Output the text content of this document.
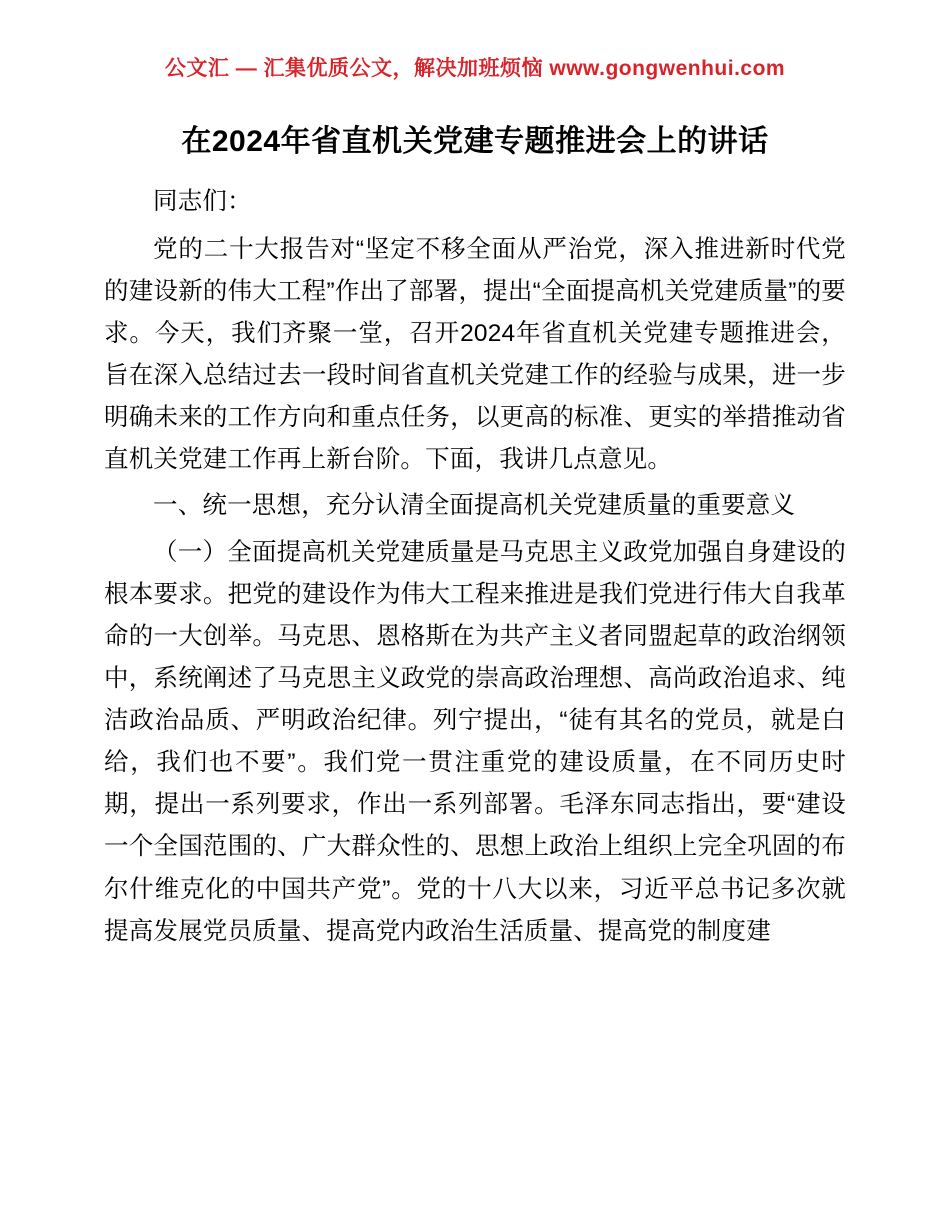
公文汇 — 汇集优质公文，解决加班烦恼 www.gongwenhui.com
在2024年省直机关党建专题推进会上的讲话

同志们：

党的二十大报告对“坚定不移全面从严治党，深入推进新时代党的建设新的伟大工程”作出了部署，提出“全面提高机关党建质量”的要求。今天，我们齐聚一堂，召开2024年省直机关党建专题推进会，旨在深入总结过去一段时间省直机关党建工作的经验与成果，进一步明确未来的工作方向和重点任务，以更高的标准、更实的举措推动省直机关党建工作再上新台阶。下面，我讲几点意见。

一、统一思想，充分认清全面提高机关党建质量的重要意义

（一）全面提高机关党建质量是马克思主义政党加强自身建设的根本要求。把党的建设作为伟大工程来推进是我们党进行伟大自我革命的一大创举。马克思、恩格斯在为共产主义者同盟起草的政治纲领中，系统阐述了马克思主义政党的崇高政治理想、高尚政治追求、纯洁政治品质、严明政治纪律。列宁提出，“徒有其名的党员，就是白给，我们也不要”。我们党一贯注重党的建设质量，在不同历史时期，提出一系列要求，作出一系列部署。毛泽东同志指出，要“建设一个全国范围的、广大群众性的、思想上政治上组织上完全巩固的布尔什维克化的中国共产党”。党的十八大以来，习近平总书记多次就提高发展党员质量、提高党内政治生活质量、提高党的制度建
